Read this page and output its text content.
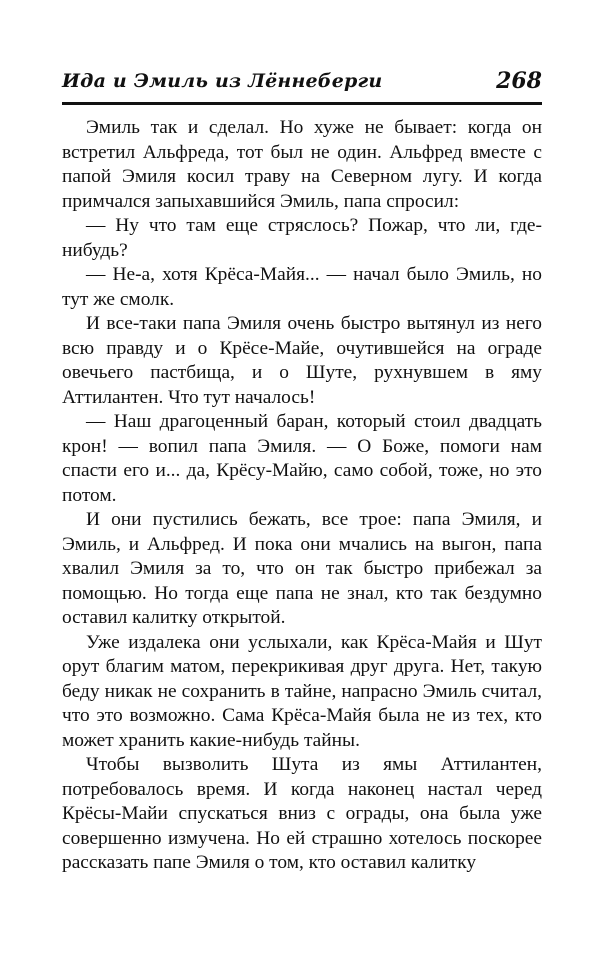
Ида и Эмиль из Лённеберги	268

Эмиль так и сделал. Но хуже не бывает: когда он встретил Альфреда, тот был не один. Альфред вместе с папой Эмиля косил траву на Северном лугу. И когда примчался запыхавшийся Эмиль, папа спросил:

— Ну что там еще стряслось? Пожар, что ли, где-нибудь?

— Не-а, хотя Крёса-Майя... — начал было Эмиль, но тут же смолк.

И все-таки папа Эмиля очень быстро вытянул из него всю правду и о Крёсе-Майе, очутившейся на ограде овечьего пастбища, и о Шуте, рухнувшем в яму Аттилантен. Что тут началось!

— Наш драгоценный баран, который стоил двадцать крон! — вопил папа Эмиля. — О Боже, помоги нам спасти его и... да, Крёсу-Майю, само собой, тоже, но это потом.

И они пустились бежать, все трое: папа Эмиля, и Эмиль, и Альфред. И пока они мчались на выгон, папа хвалил Эмиля за то, что он так быстро прибежал за помощью. Но тогда еще папа не знал, кто так бездумно оставил калитку открытой.

Уже издалека они услыхали, как Крёса-Майя и Шут орут благим матом, перекрикивая друг друга. Нет, такую беду никак не сохранить в тайне, напрасно Эмиль считал, что это возможно. Сама Крёса-Майя была не из тех, кто может хранить какие-нибудь тайны.

Чтобы вызволить Шута из ямы Аттилантен, потребовалось время. И когда наконец настал черед Крёсы-Майи спускаться вниз с ограды, она была уже совершенно измучена. Но ей страшно хотелось поскорее рассказать папе Эмиля о том, кто оставил калитку
